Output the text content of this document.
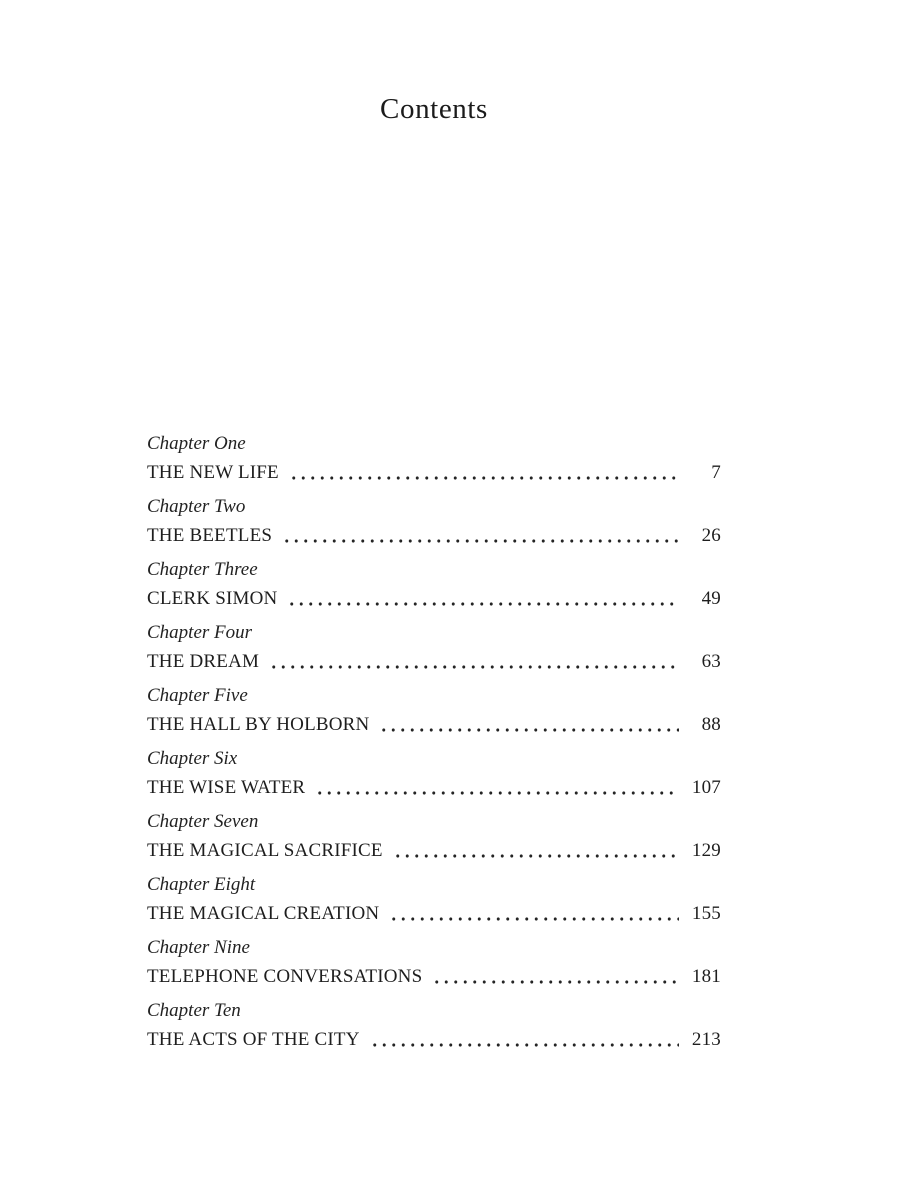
Contents
Chapter One
THE NEW LIFE	7
Chapter Two
THE BEETLES	26
Chapter Three
CLERK SIMON	49
Chapter Four
THE DREAM	63
Chapter Five
THE HALL BY HOLBORN	88
Chapter Six
THE WISE WATER	107
Chapter Seven
THE MAGICAL SACRIFICE	129
Chapter Eight
THE MAGICAL CREATION	155
Chapter Nine
TELEPHONE CONVERSATIONS	181
Chapter Ten
THE ACTS OF THE CITY	213
